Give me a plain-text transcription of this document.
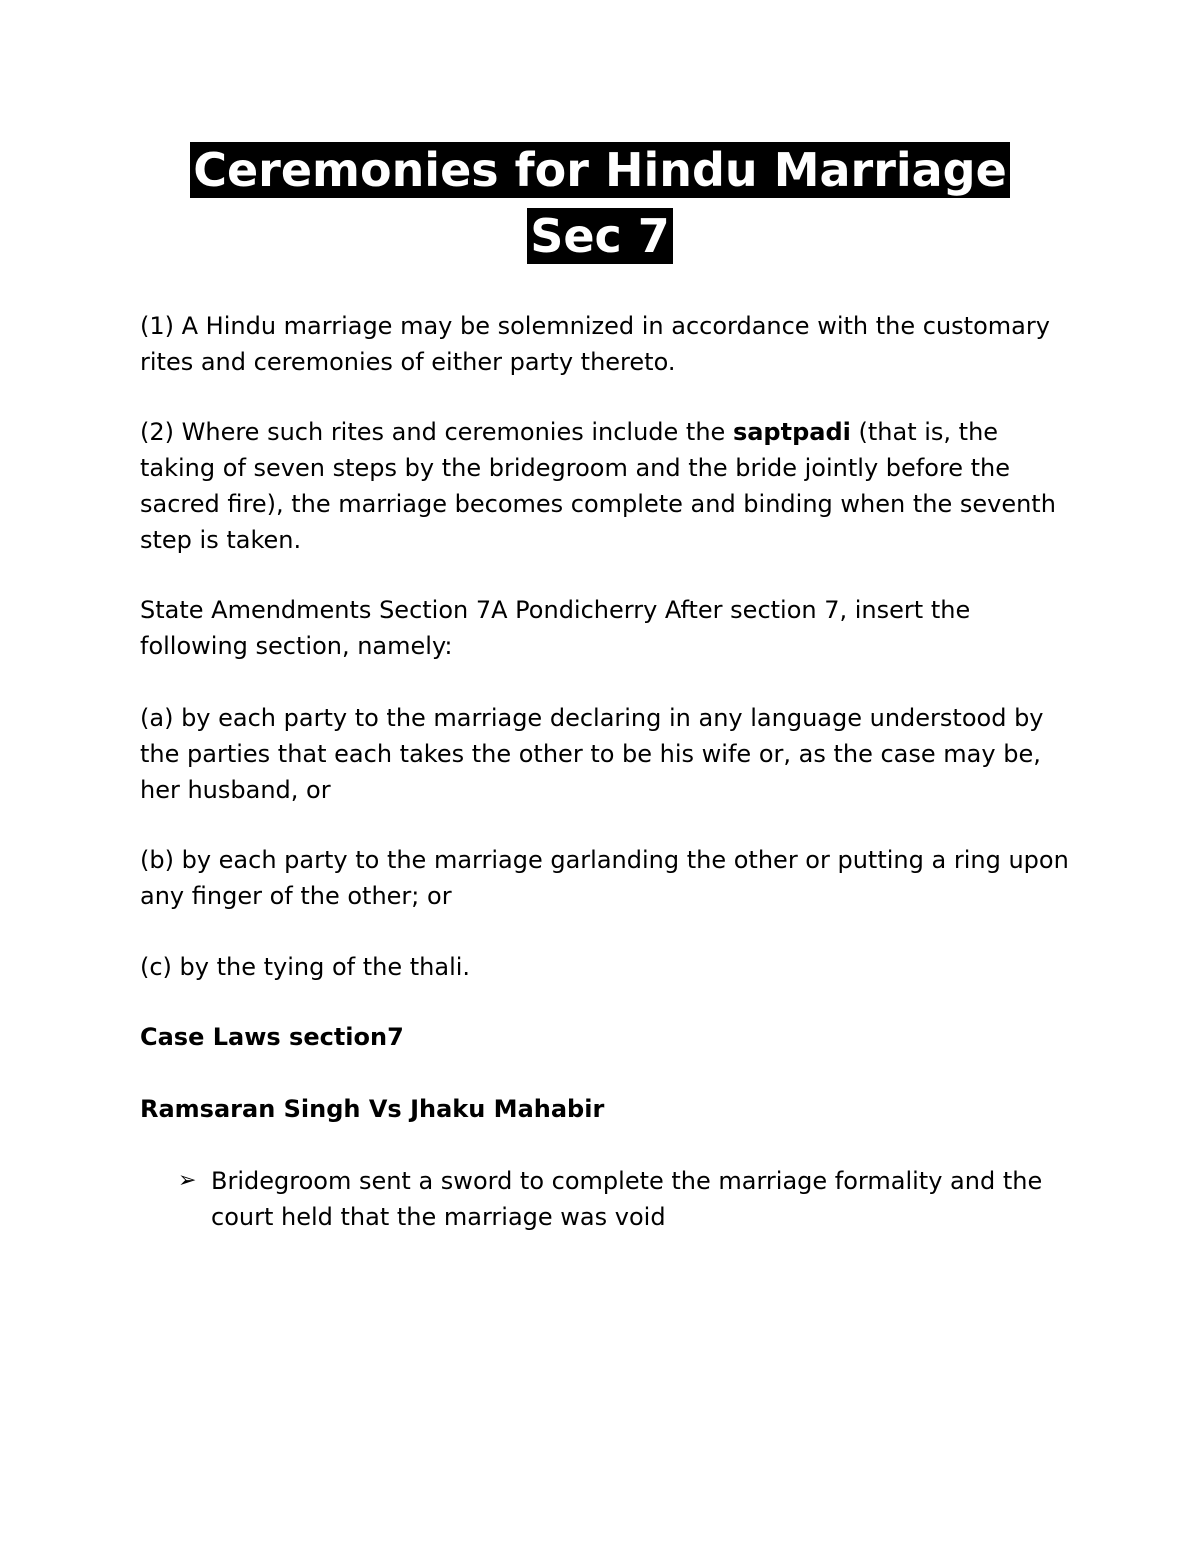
Ceremonies for Hindu Marriage
Sec 7

(1) A Hindu marriage may be solemnized in accordance with the customary rites and ceremonies of either party thereto.

(2) Where such rites and ceremonies include the saptpadi (that is, the taking of seven steps by the bridegroom and the bride jointly before the sacred fire), the marriage becomes complete and binding when the seventh step is taken.

State Amendments Section 7A Pondicherry After section 7, insert the following section, namely:

(a) by each party to the marriage declaring in any language understood by the parties that each takes the other to be his wife or, as the case may be, her husband, or

(b) by each party to the marriage garlanding the other or putting a ring upon any finger of the other; or

(c) by the tying of the thali.

Case Laws section7

Ramsaran Singh Vs Jhaku Mahabir

➢ Bridegroom sent a sword to complete the marriage formality and the court held that the marriage was void
